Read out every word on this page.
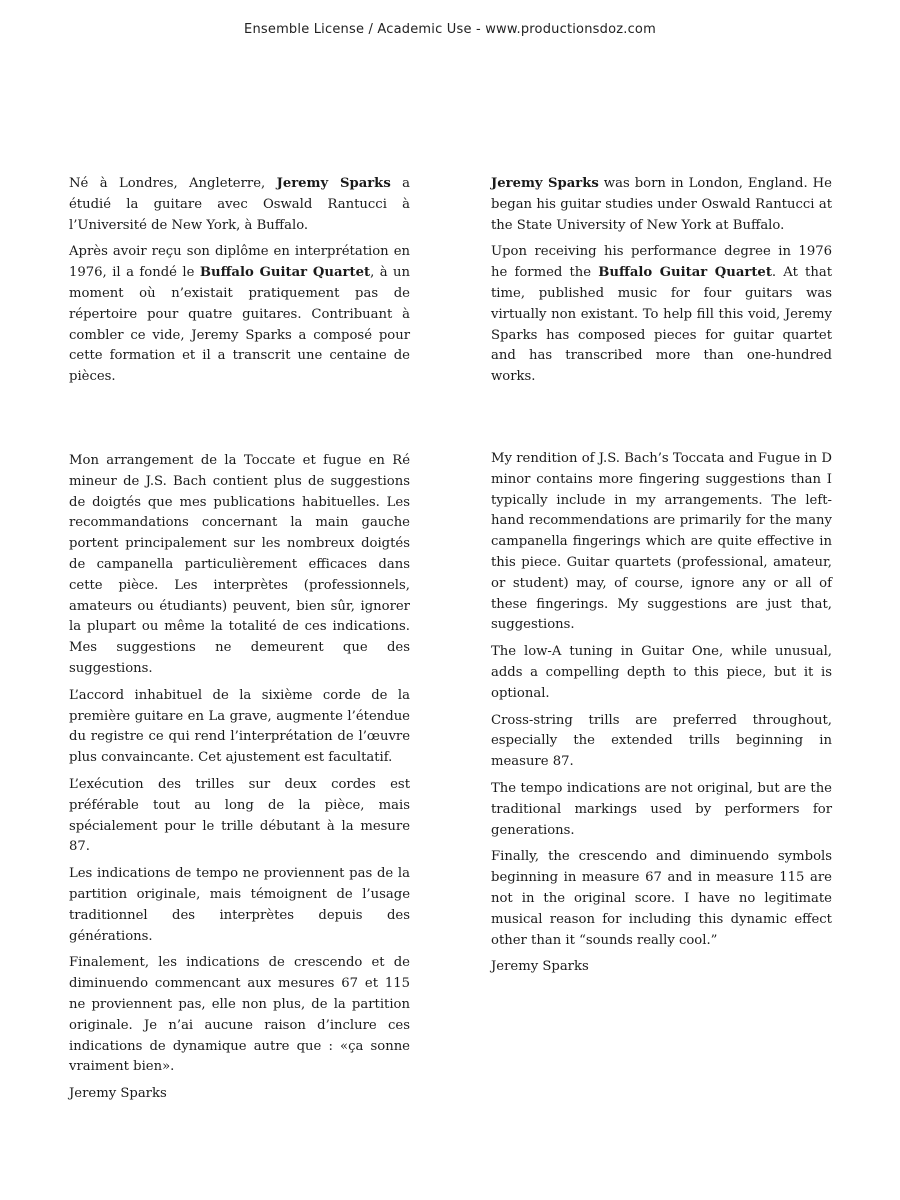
Ensemble License / Academic Use - www.productionsdoz.com

Né à Londres, Angleterre, Jeremy Sparks a étudié la guitare avec Oswald Rantucci à l’Université de New York, à Buffalo.

Après avoir reçu son diplôme en interprétation en 1976, il a fondé le Buffalo Guitar Quartet, à un moment où n’existait pratiquement pas de répertoire pour quatre guitares. Contribuant à combler ce vide, Jeremy Sparks a composé pour cette formation et il a transcrit une centaine de pièces.

Jeremy Sparks was born in London, England. He began his guitar studies under Oswald Rantucci at the State University of New York at Buffalo.

Upon receiving his performance degree in 1976 he formed the Buffalo Guitar Quartet. At that time, published music for four guitars was virtually non existant. To help fill this void, Jeremy Sparks has composed pieces for guitar quartet and has transcribed more than one-hundred works.

Mon arrangement de la Toccate et fugue en Ré mineur de J.S. Bach contient plus de suggestions de doigtés que mes publications habituelles. Les recommandations concernant la main gauche portent principalement sur les nombreux doigtés de campanella particulièrement efficaces dans cette pièce. Les interprètes (professionnels, amateurs ou étudiants) peuvent, bien sûr, ignorer la plupart ou même la totalité de ces indications. Mes suggestions ne demeurent que des suggestions.

L’accord inhabituel de la sixième corde de la première guitare en La grave, augmente l’étendue du registre ce qui rend l’interprétation de l’œuvre plus convaincante. Cet ajustement est facultatif.

L’exécution des trilles sur deux cordes est préférable tout au long de la pièce, mais spécialement pour le trille débutant à la mesure 87.

Les indications de tempo ne proviennent pas de la partition originale, mais témoignent de l’usage traditionnel des interprètes depuis des générations.

Finalement, les indications de crescendo et de diminuendo commencant aux mesures 67 et 115 ne proviennent pas, elle non plus, de la partition originale. Je n’ai aucune raison d’inclure ces indications de dynamique autre que : «ça sonne vraiment bien».

Jeremy Sparks

My rendition of J.S. Bach’s Toccata and Fugue in D minor contains more fingering suggestions than I typically include in my arrangements. The left-hand recommendations are primarily for the many campanella fingerings which are quite effective in this piece. Guitar quartets (professional, amateur, or student) may, of course, ignore any or all of these fingerings. My suggestions are just that, suggestions.

The low-A tuning in Guitar One, while unusual, adds a compelling depth to this piece, but it is optional.

Cross-string trills are preferred throughout, especially the extended trills beginning in measure 87.

The tempo indications are not original, but are the traditional markings used by performers for generations.

Finally, the crescendo and diminuendo symbols beginning in measure 67 and in measure 115 are not in the original score. I have no legitimate musical reason for including this dynamic effect other than it “sounds really cool.”

Jeremy Sparks
